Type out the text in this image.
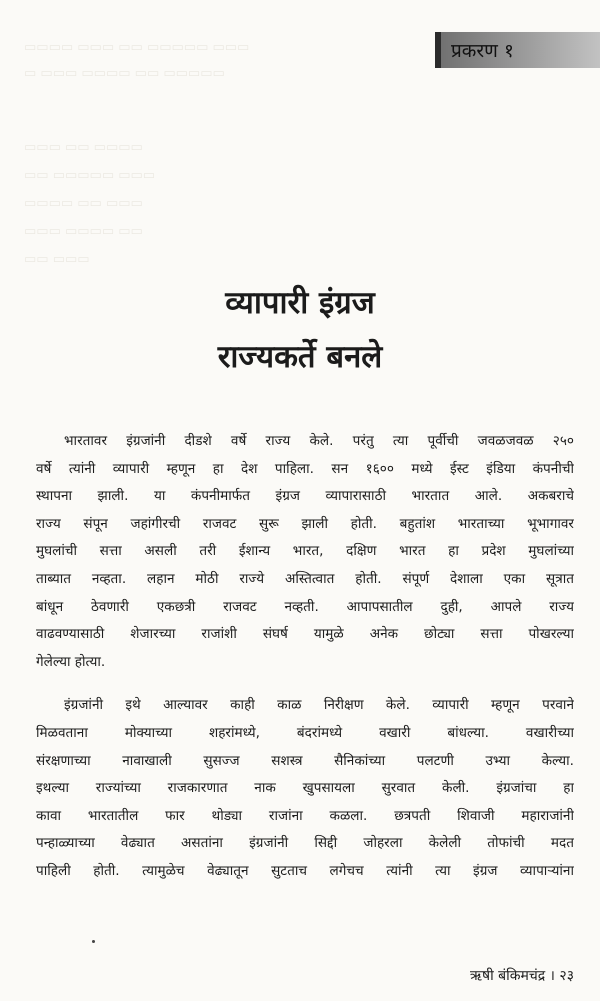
▭▭▭▭ ▭▭▭ ▭▭ ▭▭▭▭▭ ▭▭▭
▭ ▭▭▭ ▭▭▭▭ ▭▭ ▭▭▭▭▭
▭▭▭ ▭▭ ▭▭▭▭
▭▭ ▭▭▭▭▭ ▭▭▭
▭▭▭▭ ▭▭ ▭▭▭
▭▭▭ ▭▭▭▭ ▭▭
▭▭ ▭▭▭
प्रकरण १
व्यापारी इंग्रज
राज्यकर्ते बनले
भारतावर इंग्रजांनी दीडशे वर्षे राज्य केले. परंतु त्या पूर्वीची जवळजवळ २५०
वर्षे त्यांनी व्यापारी म्हणून हा देश पाहिला. सन १६०० मध्ये ईस्ट इंडिया कंपनीची
स्थापना झाली. या कंपनीमार्फत इंग्रज व्यापारासाठी भारतात आले. अकबराचे
राज्य संपून जहांगीरची राजवट सुरू झाली होती. बहुतांश भारताच्या भूभागावर
मुघलांची सत्ता असली तरी ईशान्य भारत, दक्षिण भारत हा प्रदेश मुघलांच्या
ताब्यात नव्हता. लहान मोठी राज्ये अस्तित्वात होती. संपूर्ण देशाला एका सूत्रात
बांधून ठेवणारी एकछत्री राजवट नव्हती. आपापसातील दुही, आपले राज्य
वाढवण्यासाठी शेजारच्या राजांशी संघर्ष यामुळे अनेक छोट्या सत्ता पोखरल्या
गेलेल्या होत्या.
इंग्रजांनी इथे आल्यावर काही काळ निरीक्षण केले. व्यापारी म्हणून परवाने
मिळवताना मोक्याच्या शहरांमध्ये, बंदरांमध्ये वखारी बांधल्या. वखारीच्या
संरक्षणाच्या नावाखाली सुसज्ज सशस्त्र सैनिकांच्या पलटणी उभ्या केल्या.
इथल्या राज्यांच्या राजकारणात नाक खुपसायला सुरवात केली. इंग्रजांचा हा
कावा भारतातील फार थोड्या राजांना कळला. छत्रपती शिवाजी महाराजांनी
पन्हाळ्याच्या वेढ्यात असतांना इंग्रजांनी सिद्दी जोहरला केलेली तोफांची मदत
पाहिली होती. त्यामुळेच वेढ्यातून सुटताच लगेचच त्यांनी त्या इंग्रज व्यापाऱ्यांना
ऋषी बंकिमचंद्र । २३
